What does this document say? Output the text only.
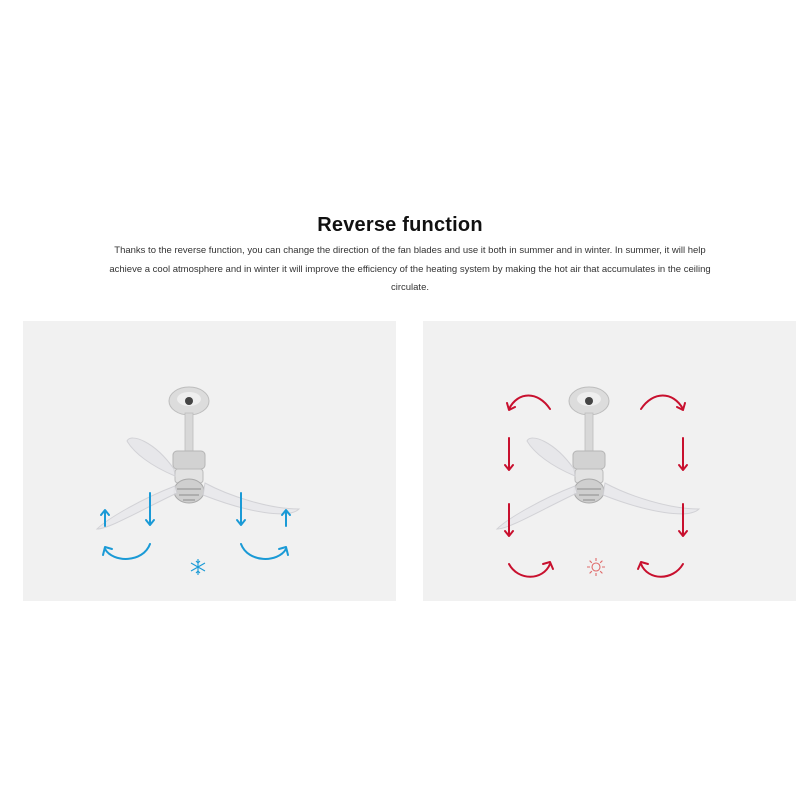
Reverse function

Thanks to the reverse function, you can change the direction of the fan blades and use it both in summer and in winter. In summer, it will help achieve a cool atmosphere and in winter it will improve the efficiency of the heating system by making the hot air that accumulates in the ceiling circulate.
